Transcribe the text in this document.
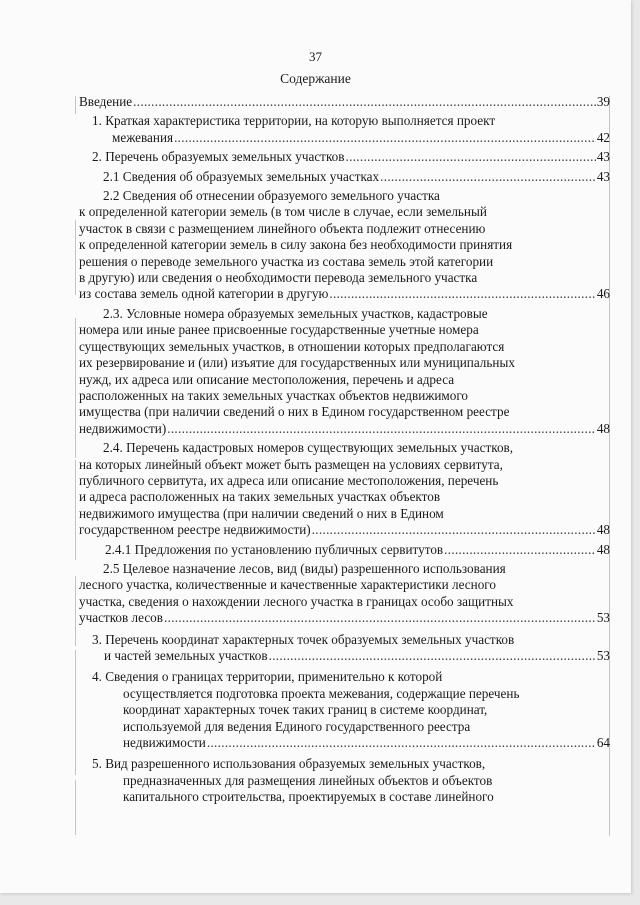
37
Содержание
Введение .....	39
1. Краткая характеристика территории, на которую выполняется проект
межевания .....	42
2. Перечень образуемых земельных участков .....	43
2.1 Сведения об образуемых земельных участках .....	43
2.2 Сведения об отнесении образуемого земельного участка
к определенной категории земель (в том числе в случае, если земельный
участок в связи с размещением линейного объекта подлежит отнесению
к определенной категории земель в силу закона без необходимости принятия
решения о переводе земельного участка из состава земель этой категории
в другую) или сведения о необходимости перевода земельного участка
из состава земель одной категории в другую .....	46
2.3. Условные номера образуемых земельных участков, кадастровые
номера или иные ранее присвоенные государственные учетные номера
существующих земельных участков, в отношении которых предполагаются
их резервирование и (или) изъятие для государственных или муниципальных
нужд, их адреса или описание местоположения, перечень и адреса
расположенных на таких земельных участках объектов недвижимого
имущества (при наличии сведений о них в Едином государственном реестре
недвижимости) .....	48
2.4. Перечень кадастровых номеров существующих земельных участков,
на которых линейный объект может быть размещен на условиях сервитута,
публичного сервитута, их адреса или описание местоположения, перечень
и адреса расположенных на таких земельных участках объектов
недвижимого имущества (при наличии сведений о них в Едином
государственном реестре недвижимости) .....	48
2.4.1 Предложения по установлению публичных сервитутов .....	48
2.5 Целевое назначение лесов, вид (виды) разрешенного использования
лесного участка, количественные и качественные характеристики лесного
участка, сведения о нахождении лесного участка в границах особо защитных
участков лесов .....	53
3. Перечень координат характерных точек образуемых земельных участков
и частей земельных участков .....	53
4. Сведения о границах территории, применительно к которой
осуществляется подготовка проекта межевания, содержащие перечень
координат характерных точек таких границ в системе координат,
используемой для ведения Единого государственного реестра
недвижимости .....	64
5. Вид разрешенного использования образуемых земельных участков,
предназначенных для размещения линейных объектов и объектов
капитального строительства, проектируемых в составе линейного
